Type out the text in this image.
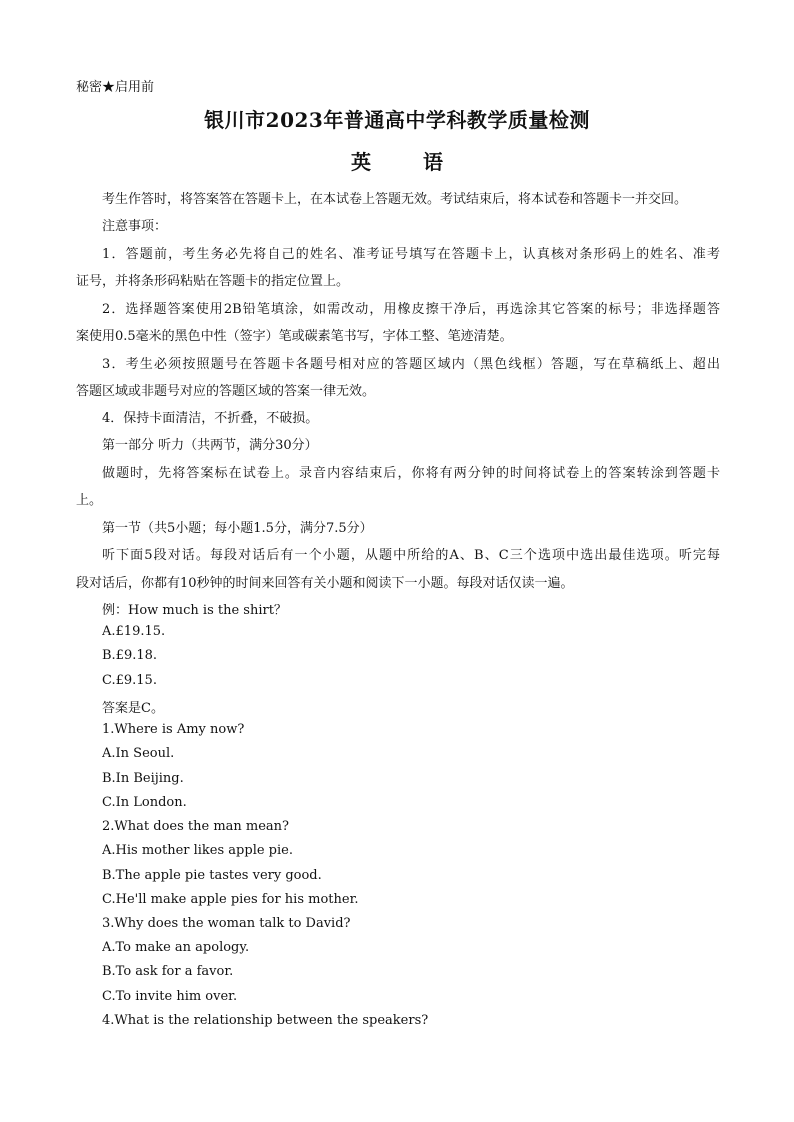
秘密★启用前
银川市2023年普通高中学科教学质量检测
英　语
考生作答时，将答案答在答题卡上，在本试卷上答题无效。考试结束后，将本试卷和答题卡一并交回。
注意事项：
1．答题前，考生务必先将自己的姓名、准考证号填写在答题卡上，认真核对条形码上的姓名、准考
证号，并将条形码粘贴在答题卡的指定位置上。
2．选择题答案使用2B铅笔填涂，如需改动，用橡皮擦干净后，再选涂其它答案的标号；非选择题答
案使用0.5毫米的黑色中性（签字）笔或碳素笔书写，字体工整、笔迹清楚。
3．考生必须按照题号在答题卡各题号相对应的答题区域内（黑色线框）答题，写在草稿纸上、超出
答题区域或非题号对应的答题区域的答案一律无效。
4．保持卡面清洁，不折叠，不破损。
第一部分 听力（共两节，满分30分）
做题时，先将答案标在试卷上。录音内容结束后，你将有两分钟的时间将试卷上的答案转涂到答题卡
上。
第一节（共5小题；每小题1.5分，满分7.5分）
听下面5段对话。每段对话后有一个小题，从题中所给的A、B、C三个选项中选出最佳选项。听完每
段对话后，你都有10秒钟的时间来回答有关小题和阅读下一小题。每段对话仅读一遍。
例：How much is the shirt？
A.£19.15.
B.£9.18.
C.£9.15.
答案是C。
1.Where is Amy now?
A.In Seoul.
B.In Beijing.
C.In London.
2.What does the man mean?
A.His mother likes apple pie.
B.The apple pie tastes very good.
C.He'll make apple pies for his mother.
3.Why does the woman talk to David?
A.To make an apology.
B.To ask for a favor.
C.To invite him over.
4.What is the relationship between the speakers?
